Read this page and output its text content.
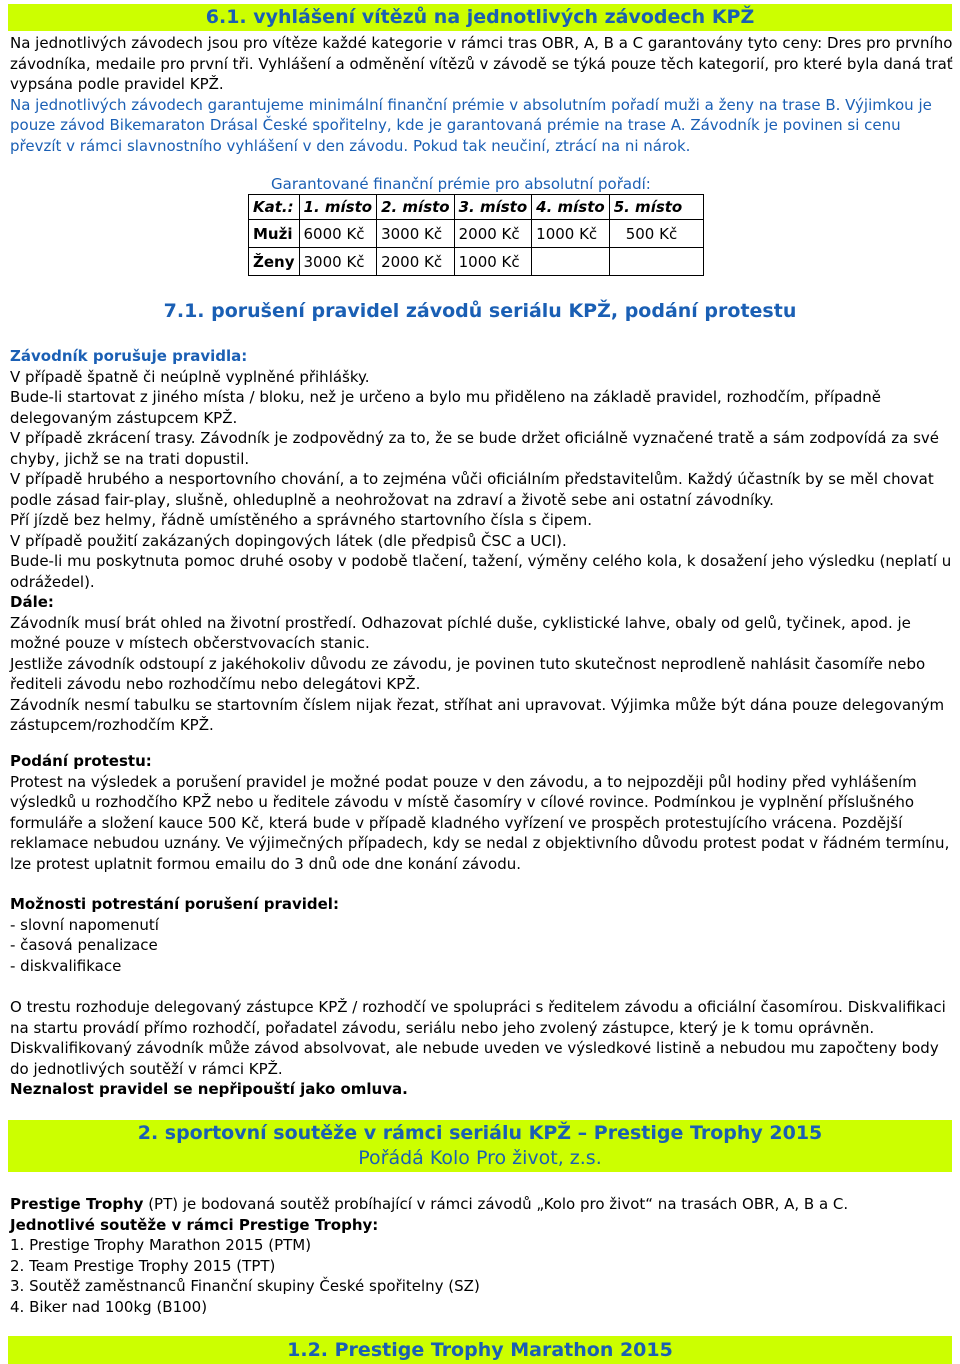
6.1. vyhlášení vítězů na jednotlivých závodech KPŽ

Na jednotlivých závodech jsou pro vítěze každé kategorie v rámci tras OBR, A, B a C garantovány tyto ceny: Dres pro prvního závodníka, medaile pro první tři. Vyhlášení a odměnění vítězů v závodě se týká pouze těch kategorií, pro které byla daná trať vypsána podle pravidel KPŽ.

Na jednotlivých závodech garantujeme minimální finanční prémie v absolutním pořadí muži a ženy na trase B. Výjimkou je pouze závod Bikemaraton Drásal České spořitelny, kde je garantovaná prémie na trase A. Závodník je povinen si cenu převzít v rámci slavnostního vyhlášení v den závodu. Pokud tak neučiní, ztrácí na ni nárok.

Garantované finanční prémie pro absolutní pořadí:
Kat.:	1. místo	2. místo	3. místo	4. místo	5. místo
Muži	6000 Kč	3000 Kč	2000 Kč	1000 Kč	500 Kč
Ženy	3000 Kč	2000 Kč	1000 Kč		
7.1. porušení pravidel závodů seriálu KPŽ, podání protestu

Závodník porušuje pravidla:

V případě špatně či neúplně vyplněné přihlášky.

Bude-li startovat z jiného místa / bloku, než je určeno a bylo mu přiděleno na základě pravidel, rozhodčím, případně delegovaným zástupcem KPŽ.

V případě zkrácení trasy. Závodník je zodpovědný za to, že se bude držet oficiálně vyznačené tratě a sám zodpovídá za své chyby, jichž se na trati dopustil.

V případě hrubého a nesportovního chování, a to zejména vůči oficiálním představitelům. Každý účastník by se měl chovat podle zásad fair-play, slušně, ohleduplně a neohrožovat na zdraví a životě sebe ani ostatní závodníky.

Pří jízdě bez helmy, řádně umístěného a správného startovního čísla s čipem.

V případě použití zakázaných dopingových látek (dle předpisů ČSC a UCI).

Bude-li mu poskytnuta pomoc druhé osoby v podobě tlačení, tažení, výměny celého kola, k dosažení jeho výsledku (neplatí u odrážedel).

Dále:

Závodník musí brát ohled na životní prostředí. Odhazovat píchlé duše, cyklistické lahve, obaly od gelů, tyčinek, apod. je možné pouze v místech občerstvovacích stanic.

Jestliže závodník odstoupí z jakéhokoliv důvodu ze závodu, je povinen tuto skutečnost neprodleně nahlásit časomíře nebo řediteli závodu nebo rozhodčímu nebo delegátovi KPŽ.

Závodník nesmí tabulku se startovním číslem nijak řezat, stříhat ani upravovat. Výjimka může být dána pouze delegovaným zástupcem/rozhodčím KPŽ.

Podání protestu:

Protest na výsledek a porušení pravidel je možné podat pouze v den závodu, a to nejpozději půl hodiny před vyhlášením výsledků u rozhodčího KPŽ nebo u ředitele závodu v místě časomíry v cílové rovince. Podmínkou je vyplnění příslušného formuláře a složení kauce 500 Kč, která bude v případě kladného vyřízení ve prospěch protestujícího vrácena. Pozdější reklamace nebudou uznány. Ve výjimečných případech, kdy se nedal z objektivního důvodu protest podat v řádném termínu, lze protest uplatnit formou emailu do 3 dnů ode dne konání závodu.

Možnosti potrestání porušení pravidel:

- slovní napomenutí

- časová penalizace

- diskvalifikace

O trestu rozhoduje delegovaný zástupce KPŽ / rozhodčí ve spolupráci s ředitelem závodu a oficiální časomírou. Diskvalifikaci na startu provádí přímo rozhodčí, pořadatel závodu, seriálu nebo jeho zvolený zástupce, který je k tomu oprávněn. Diskvalifikovaný závodník může závod absolvovat, ale nebude uveden ve výsledkové listině a nebudou mu započteny body do jednotlivých soutěží v rámci KPŽ.

Neznalost pravidel se nepřipouští jako omluva.

2. sportovní soutěže v rámci seriálu KPŽ – Prestige Trophy 2015
Pořádá Kolo Pro život, z.s.

Prestige Trophy (PT) je bodovaná soutěž probíhající v rámci závodů „Kolo pro život“ na trasách OBR, A, B a C.

Jednotlivé soutěže v rámci Prestige Trophy:

1. Prestige Trophy Marathon 2015 (PTM)

2. Team Prestige Trophy 2015 (TPT)

3. Soutěž zaměstnanců Finanční skupiny České spořitelny (SZ)

4. Biker nad 100kg (B100)

1.2. Prestige Trophy Marathon 2015
